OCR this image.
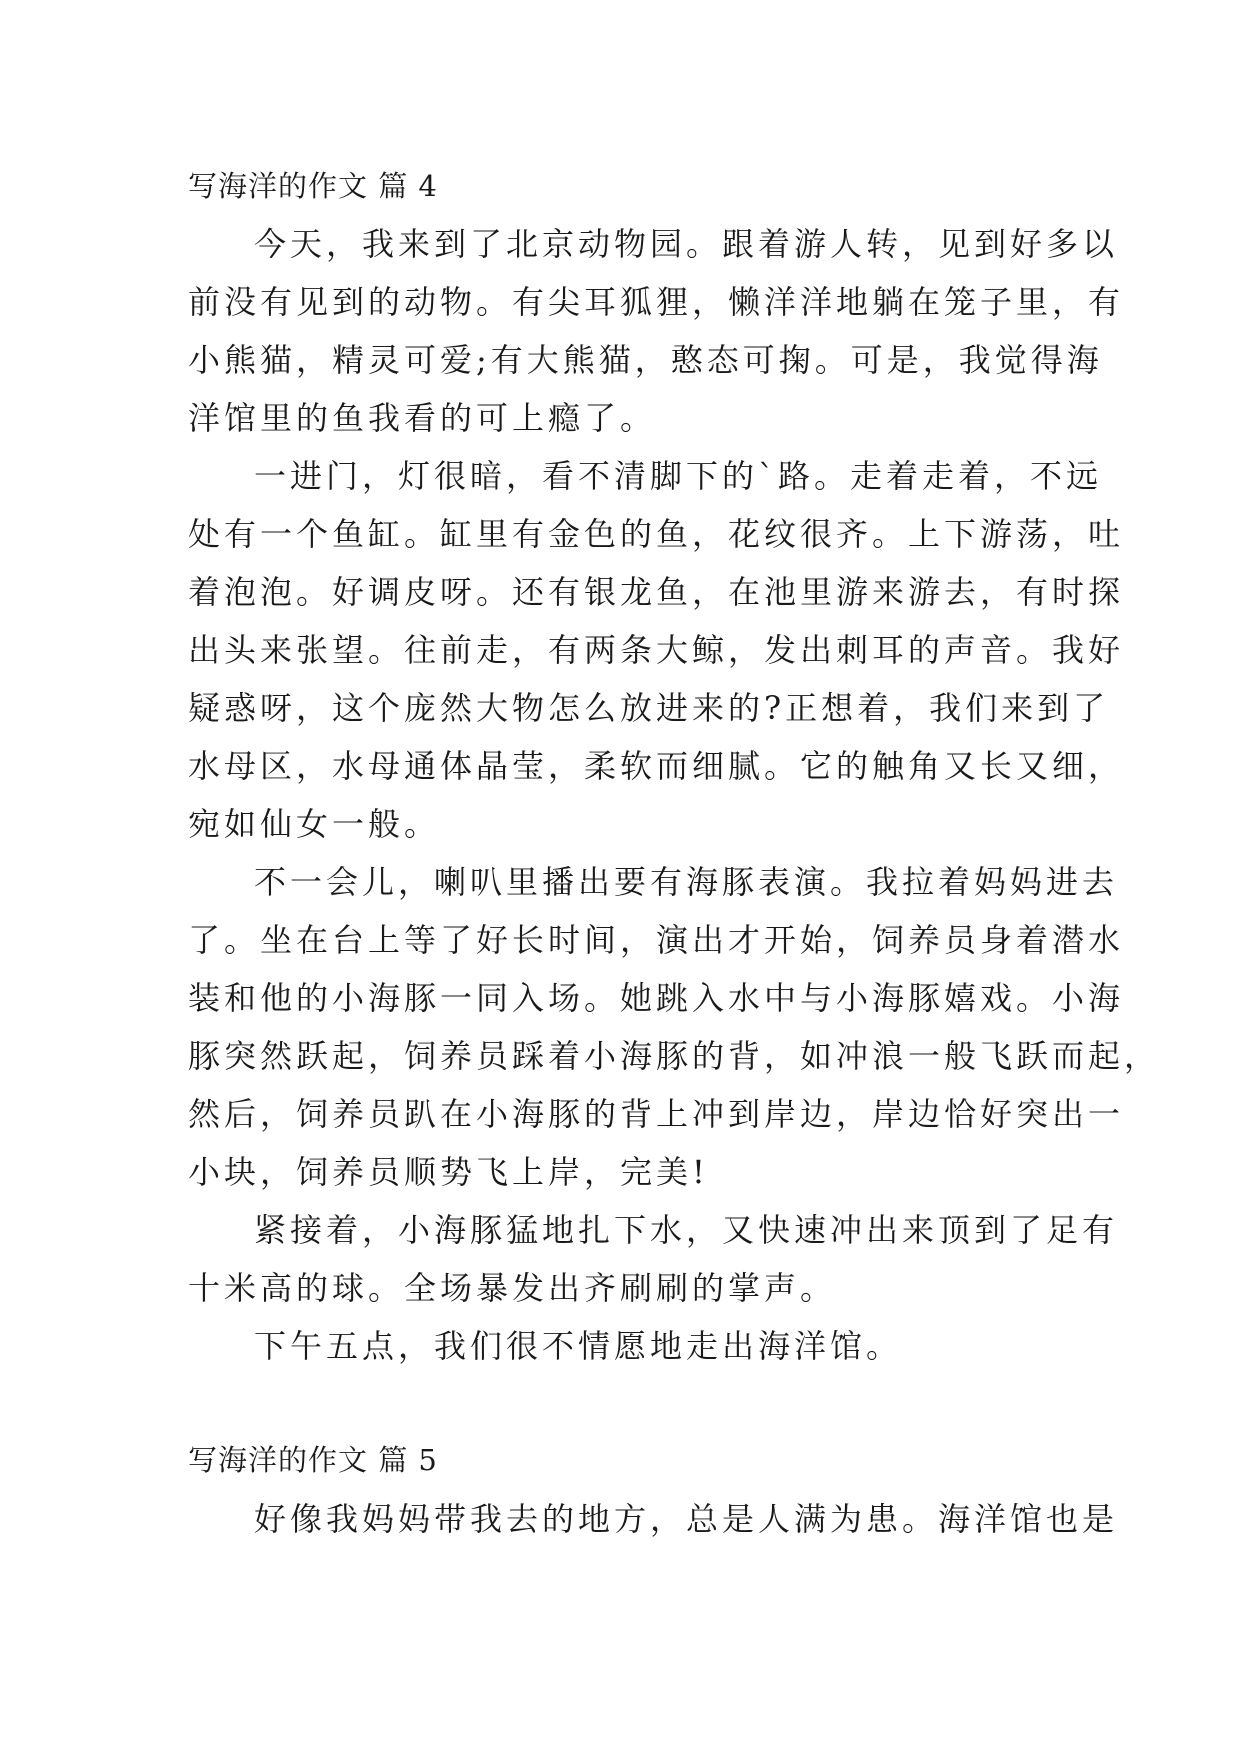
写海洋的作文 篇 4
今天，我来到了北京动物园。跟着游人转，见到好多以
前没有见到的动物。有尖耳狐狸，懒洋洋地躺在笼子里，有
小熊猫，精灵可爱;有大熊猫，憨态可掬。可是，我觉得海
洋馆里的鱼我看的可上瘾了。
一进门，灯很暗，看不清脚下的`路。走着走着，不远
处有一个鱼缸。缸里有金色的鱼，花纹很齐。上下游荡，吐
着泡泡。好调皮呀。还有银龙鱼，在池里游来游去，有时探
出头来张望。往前走，有两条大鲸，发出刺耳的声音。我好
疑惑呀，这个庞然大物怎么放进来的?正想着，我们来到了
水母区，水母通体晶莹，柔软而细腻。它的触角又长又细，
宛如仙女一般。
不一会儿，喇叭里播出要有海豚表演。我拉着妈妈进去
了。坐在台上等了好长时间，演出才开始，饲养员身着潜水
装和他的小海豚一同入场。她跳入水中与小海豚嬉戏。小海
豚突然跃起，饲养员踩着小海豚的背，如冲浪一般飞跃而起，
然后，饲养员趴在小海豚的背上冲到岸边，岸边恰好突出一
小块，饲养员顺势飞上岸，完美!
紧接着，小海豚猛地扎下水，又快速冲出来顶到了足有
十米高的球。全场暴发出齐刷刷的掌声。
下午五点，我们很不情愿地走出海洋馆。
写海洋的作文 篇 5
好像我妈妈带我去的地方，总是人满为患。海洋馆也是
